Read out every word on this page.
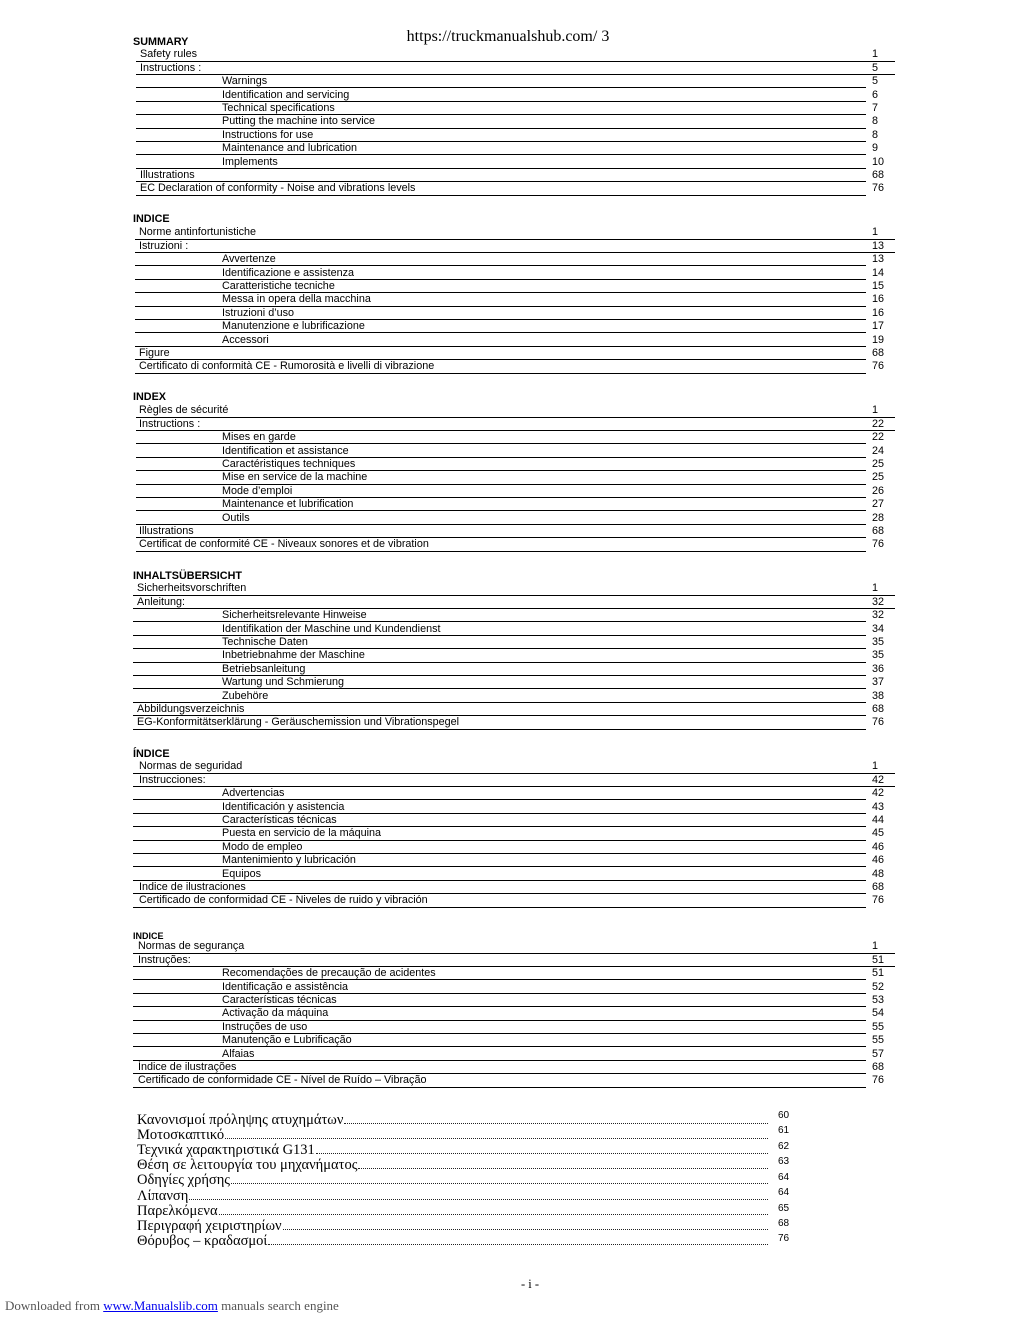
https://truckmanualshub.com/ 3
Κανονισμοί πρόληψης ατυχημάτων	60
Μοτοσκαπτικό	61
Τεχνικά χαρακτηριστικά G131	62
Θέση σε λειτουργία του μηχανήματος	63
Οδηγίες χρήσης	64
Λίπανση	64
Παρελκόμενα	65
Περιγραφή χειριστηρίων	68
Θόρυβος – κραδασμοί	76
- i -
Downloaded from www.Manualslib.com manuals search engine
SUMMARY
Safety rules	1
Instructions :	5
Warnings	5
Identification and servicing	6
Technical specifications	7
Putting the machine into service	8
Instructions for use	8
Maintenance and lubrication	9
Implements	10
Illustrations	68
EC Declaration of conformity - Noise and vibrations levels	76
INDICE
Norme antinfortunistiche	1
Istruzioni :	13
Avvertenze	13
Identificazione e assistenza	14
Caratteristiche tecniche	15
Messa in opera della macchina	16
Istruzioni d’uso	16
Manutenzione e lubrificazione	17
Accessori	19
Figure	68
Certificato di conformità CE - Rumorosità e livelli di vibrazione	76
INDEX
Règles de sécurité	1
Instructions :	22
Mises en garde	22
Identification et assistance	24
Caractéristiques techniques	25
Mise en service de la machine	25
Mode d’emploi	26
Maintenance et lubrification	27
Outils	28
Illustrations	68
Certificat de conformité CE - Niveaux sonores et de vibration	76
INHALTSÜBERSICHT
Sicherheitsvorschriften	1
Anleitung:	32
Sicherheitsrelevante Hinweise	32
Identifikation der Maschine und Kundendienst	34
Technische Daten	35
Inbetriebnahme der Maschine	35
Betriebsanleitung	36
Wartung und Schmierung	37
Zubehöre	38
Abbildungsverzeichnis	68
EG-Konformitätserklärung - Geräuschemission und Vibrationspegel	76
ÍNDICE
Normas de seguridad	1
Instrucciones:	42
Advertencias	42
Identificación y asistencia	43
Características técnicas	44
Puesta en servicio de la máquina	45
Modo de empleo	46
Mantenimiento y lubricación	46
Equipos	48
Indice de ilustraciones	68
Certificado de conformidad CE - Niveles de ruido y vibración	76
INDICE
Normas de segurança	1
Instruções:	51
Recomendações de precaução de acidentes	51
Identificação e assistência	52
Características técnicas	53
Activação da máquina	54
Instruções de uso	55
Manutenção e Lubrificação	55
Alfaias	57
Índice de ilustrações	68
Certificado de conformidade CE - Nível de Ruído – Vibração	76
